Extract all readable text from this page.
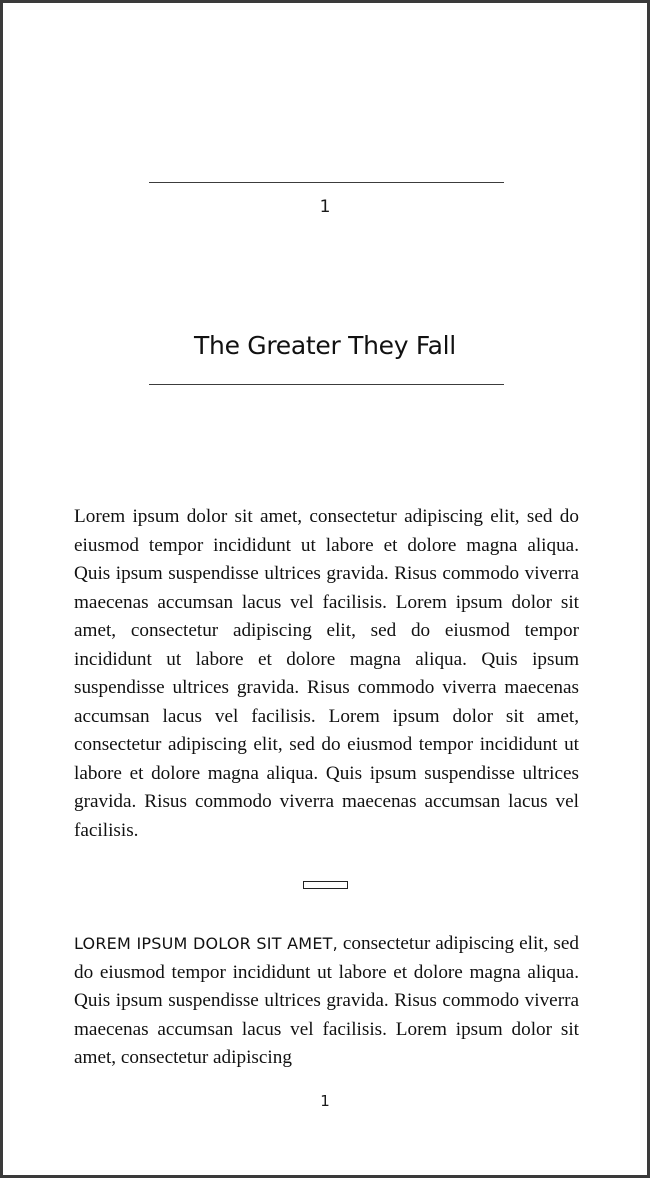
1
The Greater They Fall

Lorem ipsum dolor sit amet, consectetur adipiscing elit, sed do eiusmod tempor incididunt ut labore et dolore magna aliqua. Quis ipsum suspendisse ultrices gravida. Risus commodo viverra maecenas accumsan lacus vel facilisis. Lorem ipsum dolor sit amet, consectetur adipiscing elit, sed do eiusmod tempor incididunt ut labore et dolore magna aliqua. Quis ipsum suspendisse ultrices gravida. Risus commodo viverra maecenas accumsan lacus vel facilisis. Lorem ipsum dolor sit amet, consectetur adipiscing elit, sed do eiusmod tempor incididunt ut labore et dolore magna aliqua. Quis ipsum suspendisse ultrices gravida. Risus commodo viverra maecenas accumsan lacus vel facilisis.

LOREM IPSUM DOLOR SIT AMET, consectetur adipiscing elit, sed do eiusmod tempor incididunt ut labore et dolore magna aliqua. Quis ipsum suspendisse ultrices gravida. Risus commodo viverra maecenas accumsan lacus vel facilisis. Lorem ipsum dolor sit amet, consectetur adipiscing

1
